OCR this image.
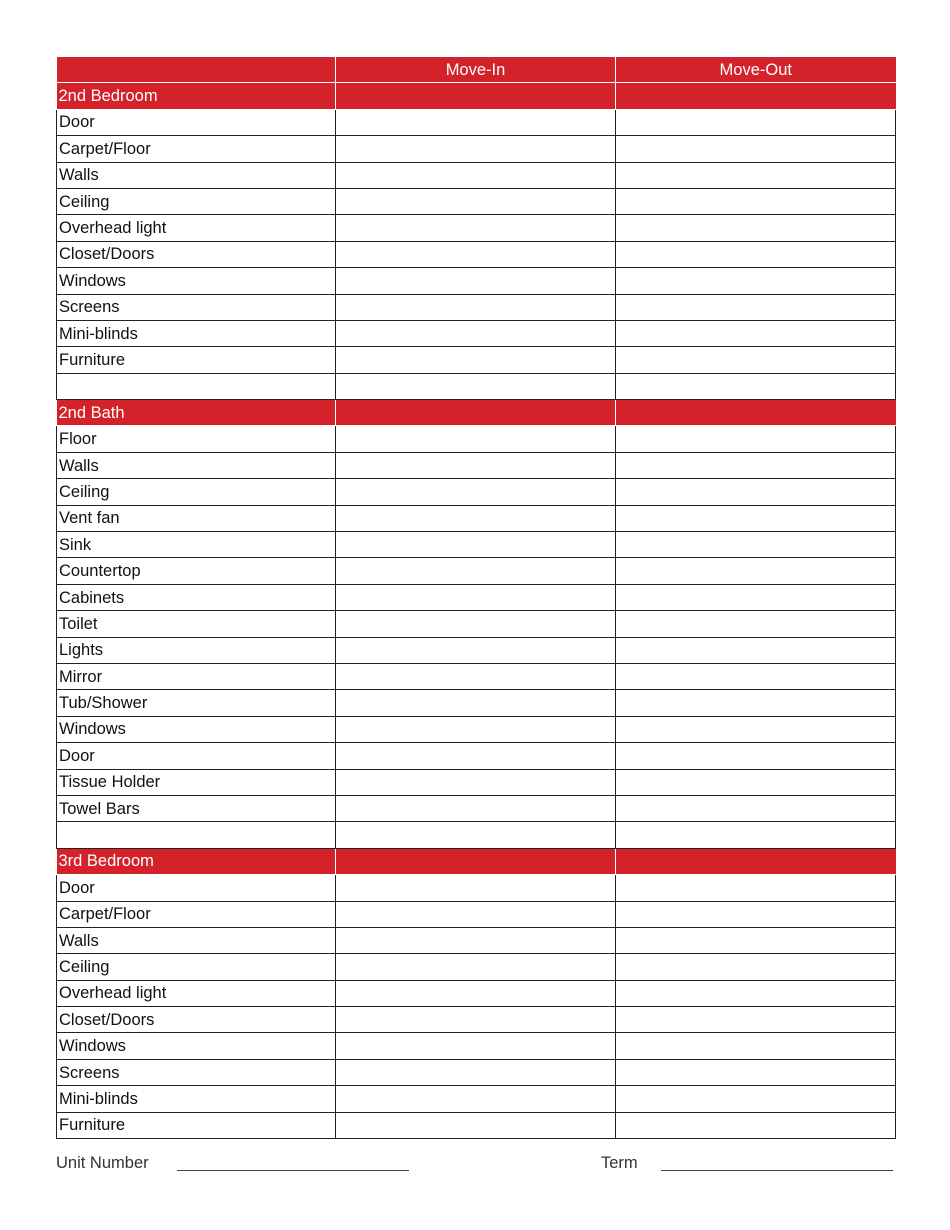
	Move-In	Move-Out
2nd Bedroom		
Door		
Carpet/Floor		
Walls		
Ceiling		
Overhead light		
Closet/Doors		
Windows		
Screens		
Mini-blinds		
Furniture		

2nd Bath		
Floor		
Walls		
Ceiling		
Vent fan		
Sink		
Countertop		
Cabinets		
Toilet		
Lights		
Mirror		
Tub/Shower		
Windows		
Door		
Tissue Holder		
Towel Bars		

3rd Bedroom		
Door		
Carpet/Floor		
Walls		
Ceiling		
Overhead light		
Closet/Doors		
Windows		
Screens		
Mini-blinds		
Furniture		
Unit Number	Term
